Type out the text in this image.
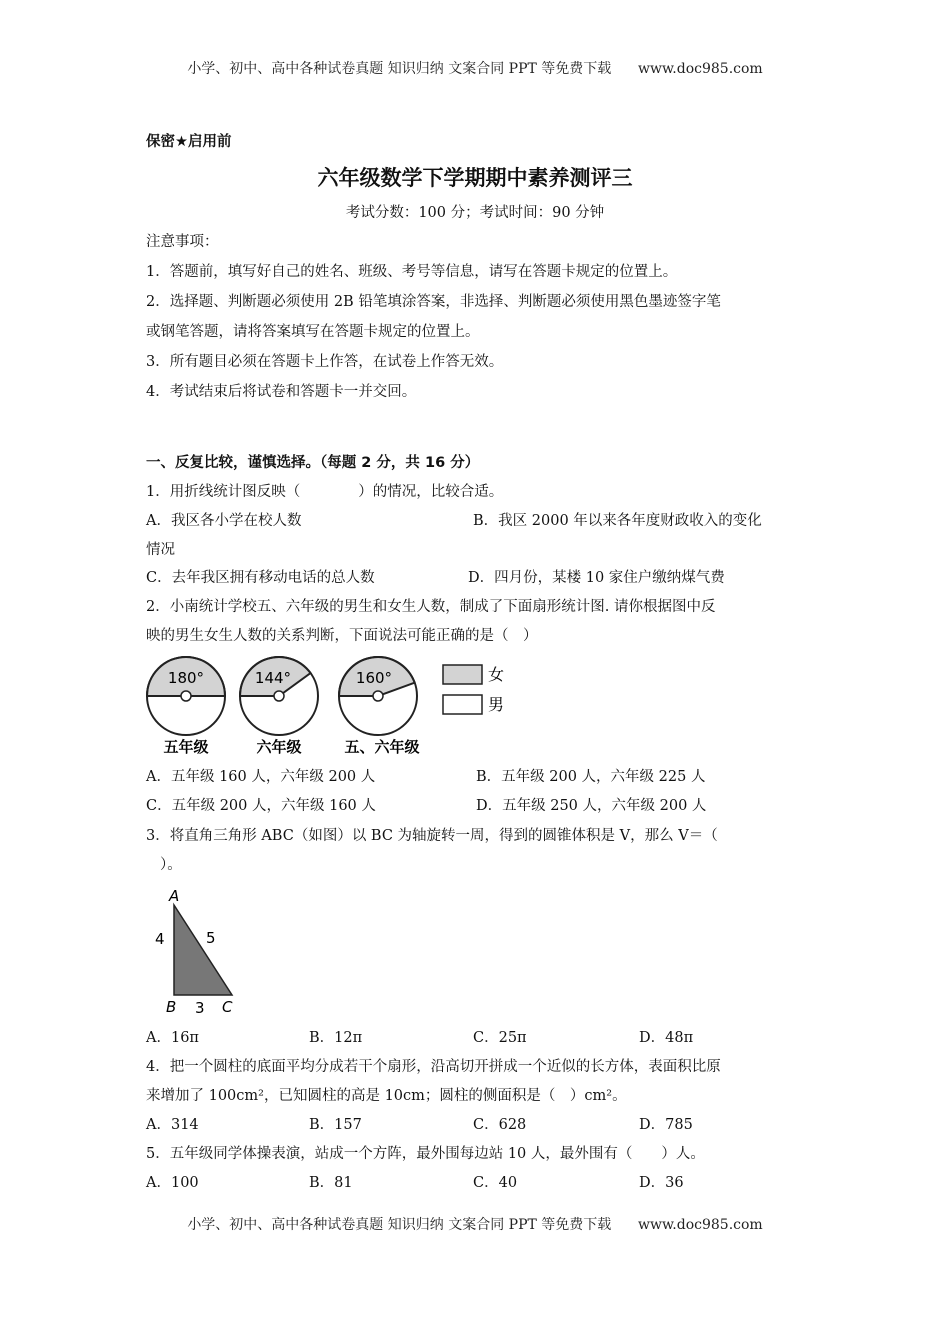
小学、初中、高中各种试卷真题 知识归纳 文案合同 PPT 等免费下载 www.doc985.com
保密★启用前
六年级数学下学期期中素养测评三
考试分数：100 分；考试时间：90 分钟
注意事项：
1．答题前，填写好自己的姓名、班级、考号等信息，请写在答题卡规定的位置上。
2．选择题、判断题必须使用 2B 铅笔填涂答案，非选择、判断题必须使用黑色墨迹签字笔
或钢笔答题，请将答案填写在答题卡规定的位置上。
3．所有题目必须在答题卡上作答，在试卷上作答无效。
4．考试结束后将试卷和答题卡一并交回。
一、反复比较，谨慎选择。（每题 2 分，共 16 分）
1．用折线统计图反映（　　　　）的情况，比较合适。
A．我区各小学在校人数	B．我区 2000 年以来各年度财政收入的变化
情况
C．去年我区拥有移动电话的总人数	D．四月份，某楼 10 家住户缴纳煤气费
2．小南统计学校五、六年级的男生和女生人数，制成了下面扇形统计图. 请你根据图中反
映的男生女生人数的关系判断，下面说法可能正确的是（　）
180°
五年级
144°
六年级
160°
五、六年级
女
男
A．五年级 160 人，六年级 200 人	B．五年级 200 人，六年级 225 人
C．五年级 200 人，六年级 160 人	D．五年级 250 人，六年级 200 人
3．将直角三角形 ABC（如图）以 BC 为轴旋转一周，得到的圆锥体积是 V，那么 V＝（
）。
A
B	C
4	5
3
A．16π	B．12π	C．25π	D．48π
4．把一个圆柱的底面平均分成若干个扇形，沿高切开拼成一个近似的长方体，表面积比原
来增加了 100cm²，已知圆柱的高是 10cm；圆柱的侧面积是（　）cm²。
A．314	B．157	C．628	D．785
5．五年级同学体操表演，站成一个方阵，最外围每边站 10 人，最外围有（　　）人。
A．100	B．81	C．40	D．36
小学、初中、高中各种试卷真题 知识归纳 文案合同 PPT 等免费下载 www.doc985.com
